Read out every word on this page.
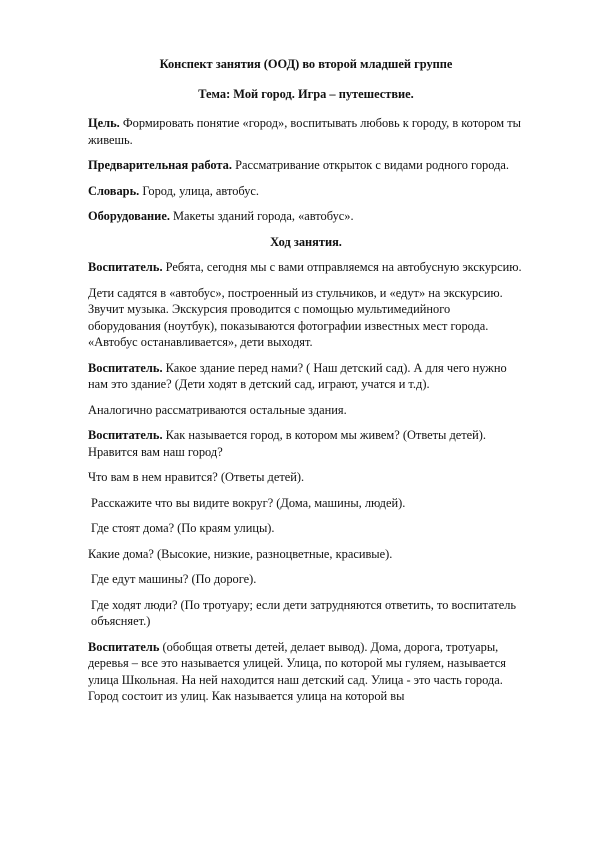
Конспект занятия (ООД) во второй младшей группе

Тема: Мой город. Игра – путешествие.

Цель. Формировать понятие «город», воспитывать любовь к городу, в котором ты живешь.

Предварительная работа. Рассматривание открыток с видами родного города.

Словарь. Город, улица, автобус.

Оборудование. Макеты зданий города, «автобус».

Ход занятия.

Воспитатель. Ребята, сегодня мы с вами отправляемся на автобусную экскурсию.

Дети садятся в «автобус», построенный из стульчиков, и «едут» на экскурсию. Звучит музыка. Экскурсия проводится с помощью мультимедийного оборудования (ноутбук), показываются фотографии известных мест города. «Автобус останавливается», дети выходят.

Воспитатель. Какое здание перед нами? ( Наш детский сад). А для чего нужно нам это здание? (Дети ходят в детский сад, играют, учатся и т.д).

Аналогично рассматриваются остальные здания.

Воспитатель. Как называется город, в котором мы живем? (Ответы детей). Нравится вам наш город?

Что вам в нем нравится? (Ответы детей).

Расскажите что вы видите вокруг? (Дома, машины, людей).

Где стоят дома? (По краям улицы).

Какие дома? (Высокие, низкие, разноцветные, красивые).

Где едут машины? (По дороге).

Где ходят люди? (По тротуару; если дети затрудняются ответить, то воспитатель объясняет.)

Воспитатель (обобщая ответы детей, делает вывод). Дома, дорога, тротуары, деревья – все это называется улицей. Улица, по которой мы гуляем, называется улица Школьная. На ней находится наш детский сад. Улица - это часть города. Город состоит из улиц. Как называется улица на которой вы
